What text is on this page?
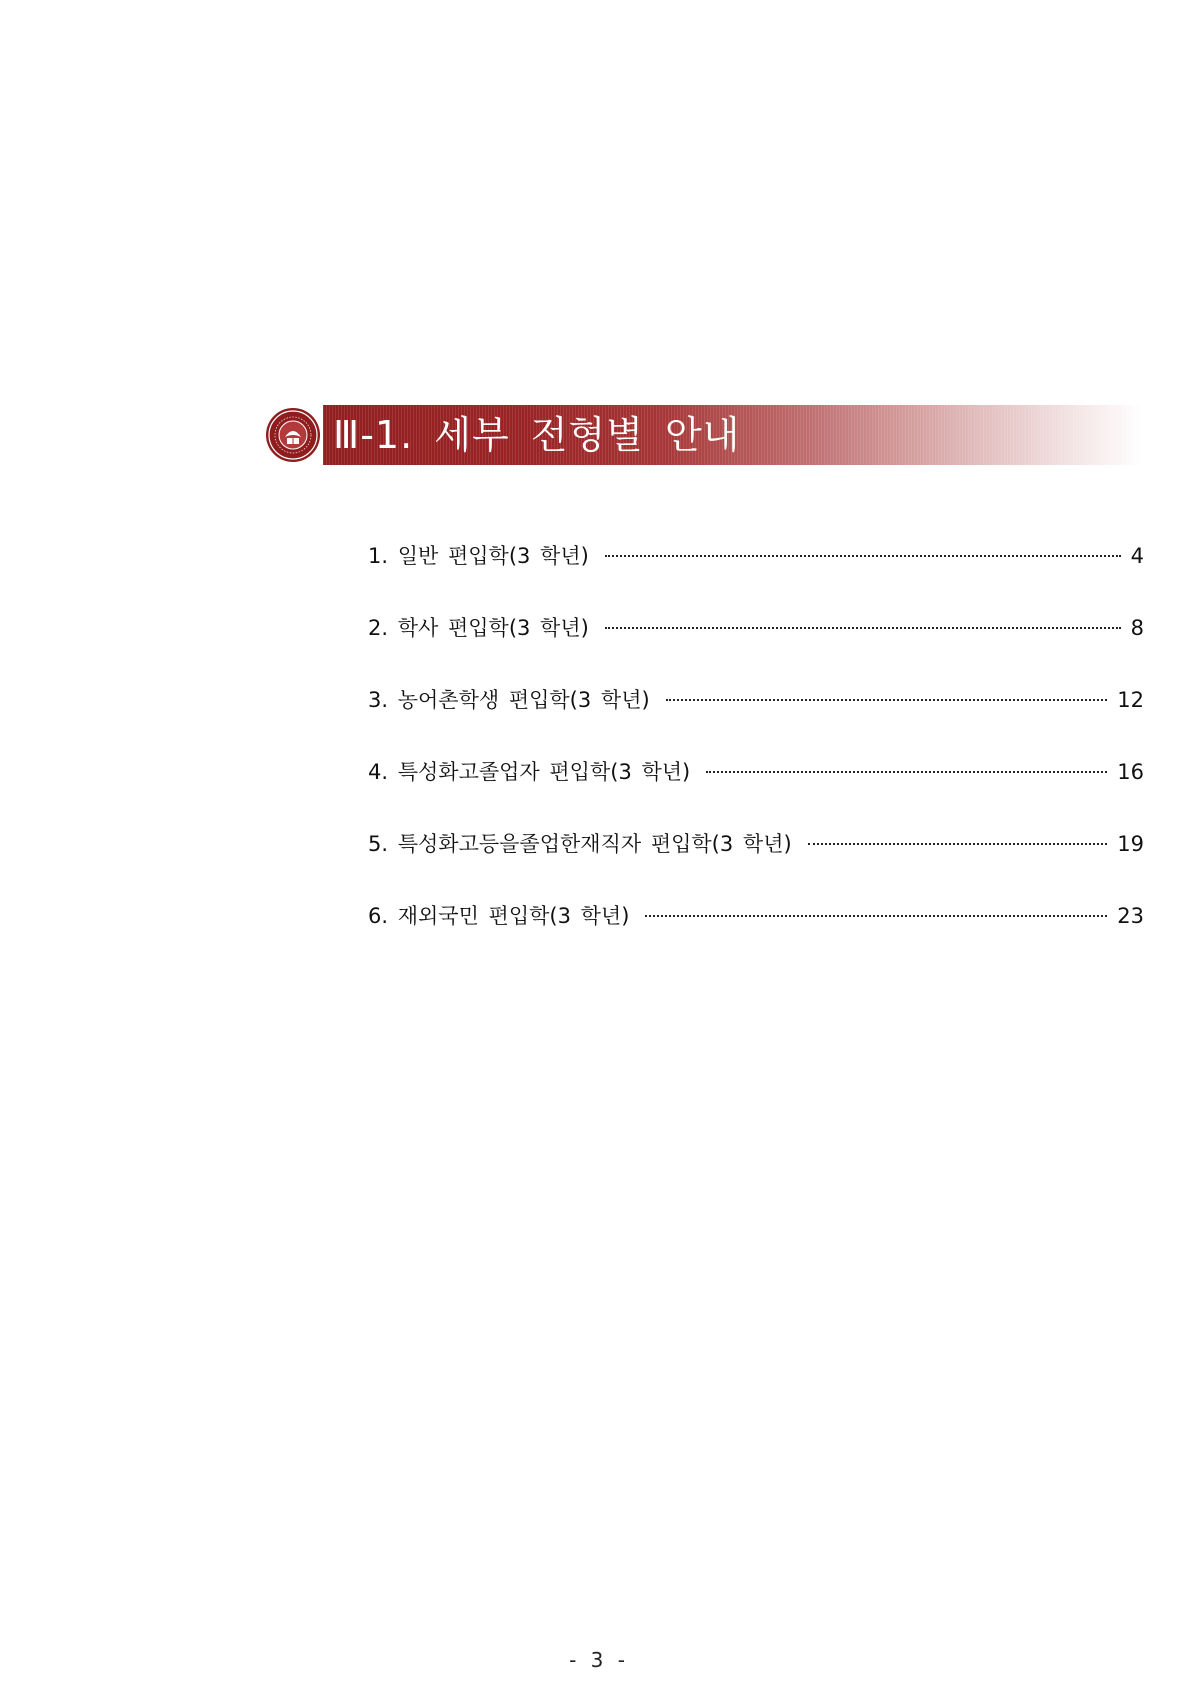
Ⅲ-1. 세부 전형별 안내
1. 일반 편입학(3 학년)	4
2. 학사 편입학(3 학년)	8
3. 농어촌학생 편입학(3 학년)	12
4. 특성화고졸업자 편입학(3 학년)	16
5. 특성화고등을졸업한재직자 편입학(3 학년)	19
6. 재외국민 편입학(3 학년)	23
- 3 -
